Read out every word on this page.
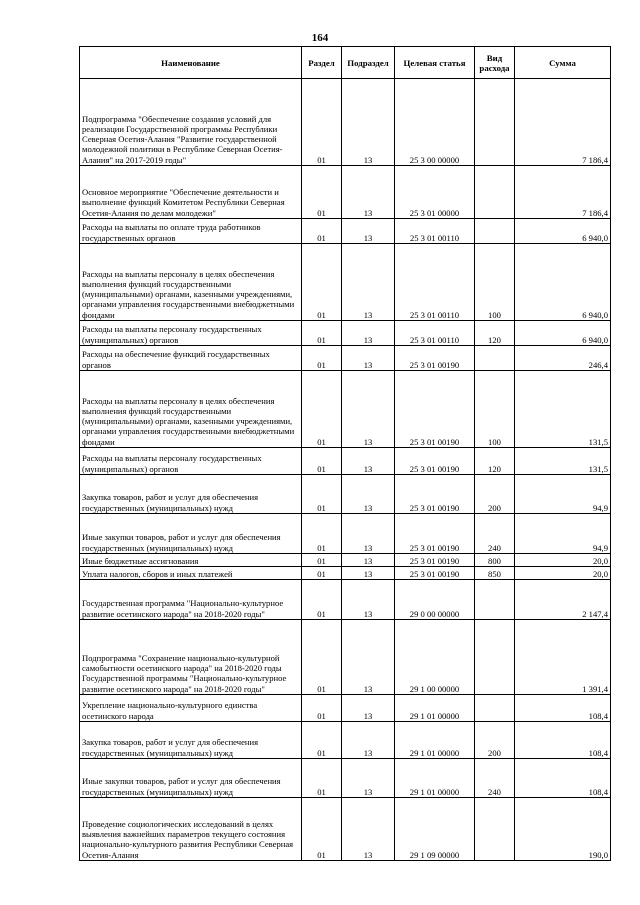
164
Наименование	Раздел	Подраздел	Целевая статья	Вид расхода	Сумма
Подпрограмма "Обеспечение создания условий для реализации Государственной программы Республики Северная Осетия-Алания "Развитие государственной молодежной политики в Республике Северная Осетия-Алания" на 2017-2019 годы"	01	13	25 3 00 00000		7 186,4
Основное мероприятие "Обеспечение деятельности и выполнение функций Комитетом Республики Северная Осетия-Алания по делам молодежи"	01	13	25 3 01 00000		7 186,4
Расходы на выплаты по оплате труда работников государственных органов	01	13	25 3 01 00110		6 940,0
Расходы на выплаты персоналу в целях обеспечения выполнения функций государственными (муниципальными) органами, казенными учреждениями, органами управления государственными внебюджетными фондами	01	13	25 3 01 00110	100	6 940,0
Расходы на выплаты персоналу государственных (муниципальных) органов	01	13	25 3 01 00110	120	6 940,0
Расходы на обеспечение функций государственных органов	01	13	25 3 01 00190		246,4
Расходы на выплаты персоналу в целях обеспечения выполнения функций государственными (муниципальными) органами, казенными учреждениями, органами управления государственными внебюджетными фондами	01	13	25 3 01 00190	100	131,5
Расходы на выплаты персоналу государственных (муниципальных) органов	01	13	25 3 01 00190	120	131,5
Закупка товаров, работ и услуг для обеспечения государственных (муниципальных) нужд	01	13	25 3 01 00190	200	94,9
Иные закупки товаров, работ и услуг для обеспечения государственных (муниципальных) нужд	01	13	25 3 01 00190	240	94,9
Иные бюджетные ассигнования	01	13	25 3 01 00190	800	20,0
Уплата налогов, сборов и иных платежей	01	13	25 3 01 00190	850	20,0
Государственная программа "Национально-культурное развитие осетинского народа" на 2018-2020 годы"	01	13	29 0 00 00000		2 147,4
Подпрограмма "Сохранение национально-культурной самобытности осетинского народа" на 2018-2020 годы Государственной программы "Национально-культурное развитие осетинского народа" на 2018-2020 годы"	01	13	29 1 00 00000		1 391,4
Укрепление национально-культурного единства осетинского народа	01	13	29 1 01 00000		108,4
Закупка товаров, работ и услуг для обеспечения государственных (муниципальных) нужд	01	13	29 1 01 00000	200	108,4
Иные закупки товаров, работ и услуг для обеспечения государственных (муниципальных) нужд	01	13	29 1 01 00000	240	108,4
Проведение социологических исследований в целях выявления важнейших параметров текущего состояния национально-культурного развития Республики Северная Осетия-Алания	01	13	29 1 09 00000		190,0
